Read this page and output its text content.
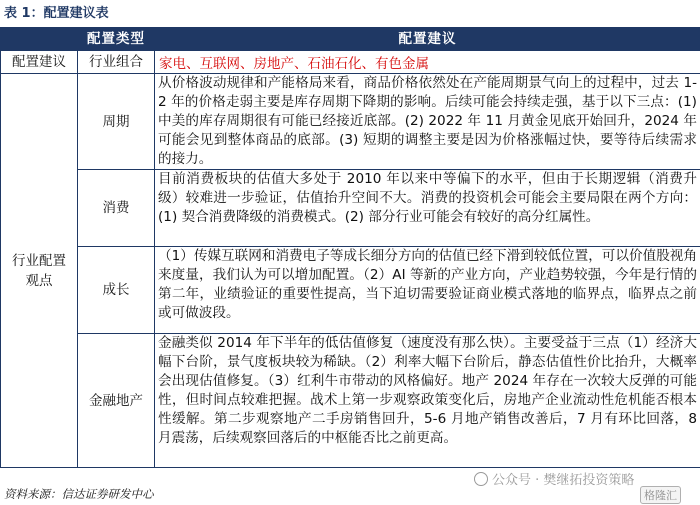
表 1：配置建议表
	配置类型	配置建议
配置建议	行业组合	家电、互联网、房地产、石油石化、有色金属

行业配置观点	周期	从价格波动规律和产能格局来看，商品价格依然处在产能周期景气向上的过程中，过去 1-2 年的价格走弱主要是库存周期下降期的影响。后续可能会持续走强，基于以下三点：(1) 中美的库存周期很有可能已经接近底部。(2) 2022 年 11 月黄金见底开始回升，2024 年可能会见到整体商品的底部。(3) 短期的调整主要是因为价格涨幅过快，要等待后续需求的接力。
	消费	目前消费板块的估值大多处于 2010 年以来中等偏下的水平，但由于长期逻辑（消费升级）较难进一步验证，估值抬升空间不大。消费的投资机会可能会主要局限在两个方向：(1) 契合消费降级的消费模式。(2) 部分行业可能会有较好的高分红属性。
	成长	（1）传媒互联网和消费电子等成长细分方向的估值已经下滑到较低位置，可以价值股视角来度量，我们认为可以增加配置。（2）AI 等新的产业方向，产业趋势较强，今年是行情的第二年，业绩验证的重要性提高，当下迫切需要验证商业模式落地的临界点，临界点之前或可做波段。
	金融地产	金融类似 2014 年下半年的低估值修复（速度没有那么快）。主要受益于三点（1）经济大幅下台阶，景气度板块较为稀缺。（2）利率大幅下台阶后，静态估值性价比抬升，大概率会出现估值修复。（3）红利牛市带动的风格偏好。地产 2024 年存在一次较大反弹的可能性，但时间点较难把握。战术上第一步观察政策变化后，房地产企业流动性危机能否根本性缓解。第二步观察地产二手房销售回升，5-6 月地产销售改善后，7 月有环比回落，8 月震荡，后续观察回落后的中枢能否比之前更高。
公众号 · 樊继拓投资策略
资料来源：信达证券研发中心	格隆汇
